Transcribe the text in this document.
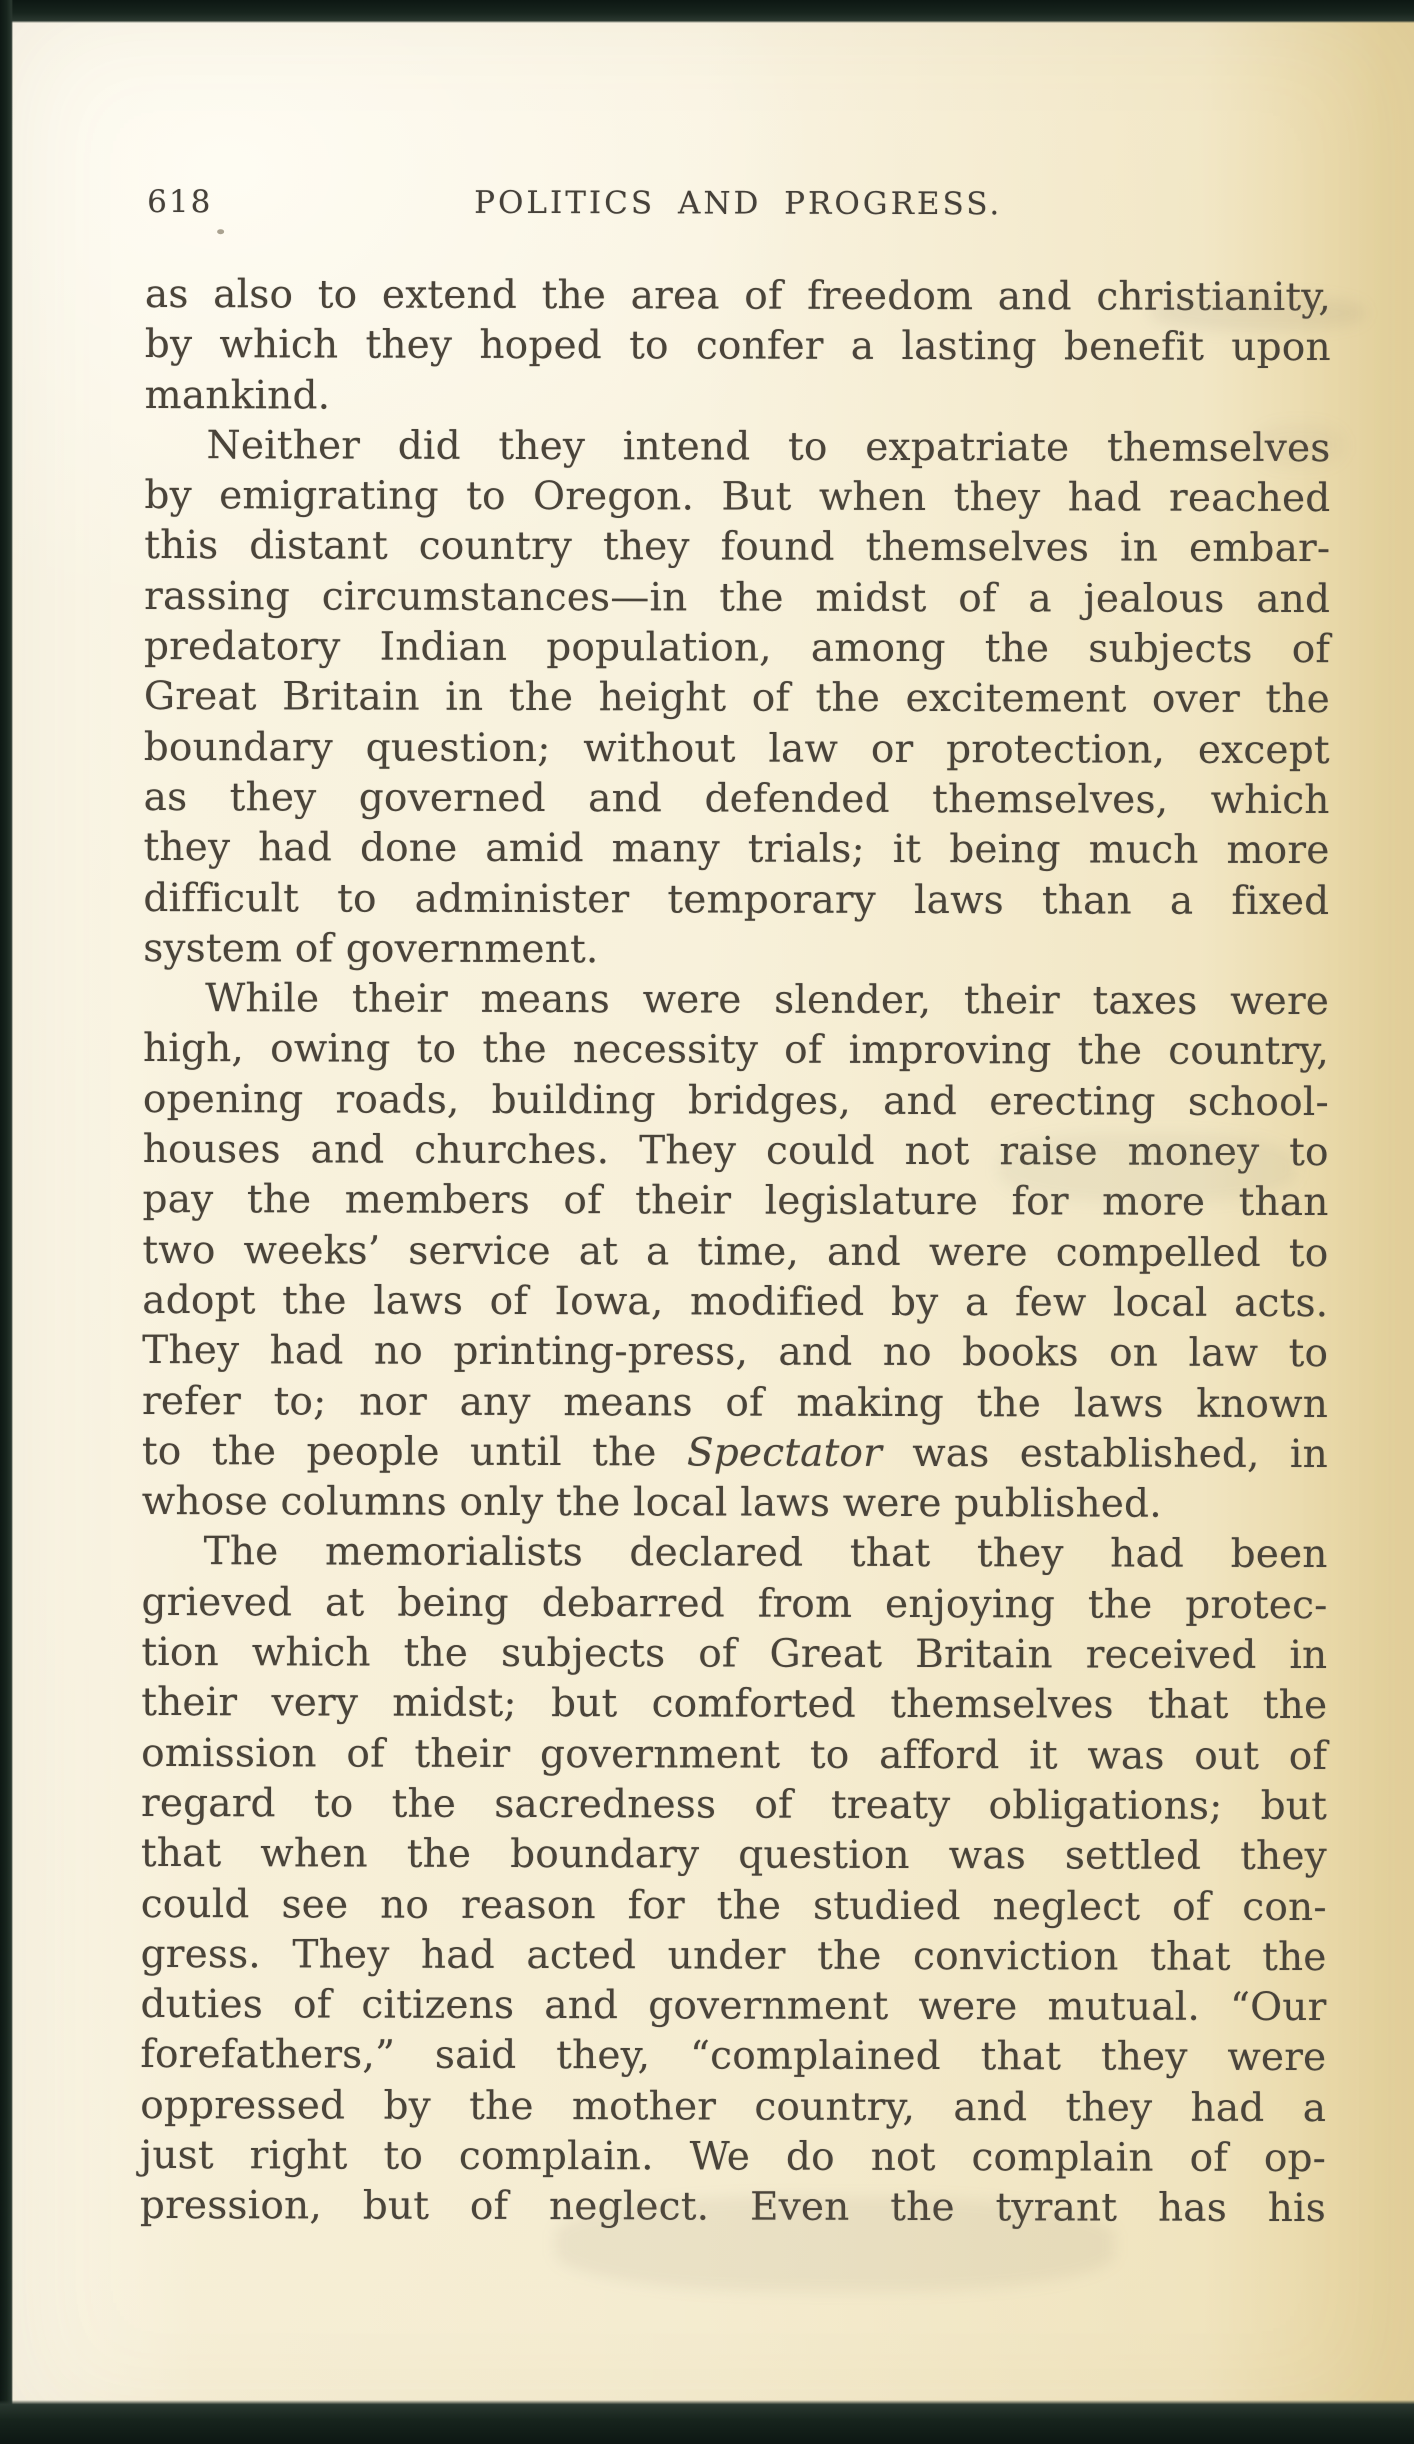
618	POLITICS AND PROGRESS.
as also to extend the area of freedom and christianity,
by which they hoped to confer a lasting benefit upon
mankind.
Neither did they intend to expatriate themselves
by emigrating to Oregon. But when they had reached
this distant country they found themselves in embar-
rassing circumstances—in the midst of a jealous and
predatory Indian population, among the subjects of
Great Britain in the height of the excitement over the
boundary question; without law or protection, except
as they governed and defended themselves, which
they had done amid many trials; it being much more
difficult to administer temporary laws than a fixed
system of government.
While their means were slender, their taxes were
high, owing to the necessity of improving the country,
opening roads, building bridges, and erecting school-
houses and churches. They could not raise money to
pay the members of their legislature for more than
two weeks’ service at a time, and were compelled to
adopt the laws of Iowa, modified by a few local acts.
They had no printing-press, and no books on law to
refer to; nor any means of making the laws known
to the people until the Spectator was established, in
whose columns only the local laws were published.
The memorialists declared that they had been
grieved at being debarred from enjoying the protec-
tion which the subjects of Great Britain received in
their very midst; but comforted themselves that the
omission of their government to afford it was out of
regard to the sacredness of treaty obligations; but
that when the boundary question was settled they
could see no reason for the studied neglect of con-
gress. They had acted under the conviction that the
duties of citizens and government were mutual. “Our
forefathers,” said they, “complained that they were
oppressed by the mother country, and they had a
just right to complain. We do not complain of op-
pression, but of neglect. Even the tyrant has his
